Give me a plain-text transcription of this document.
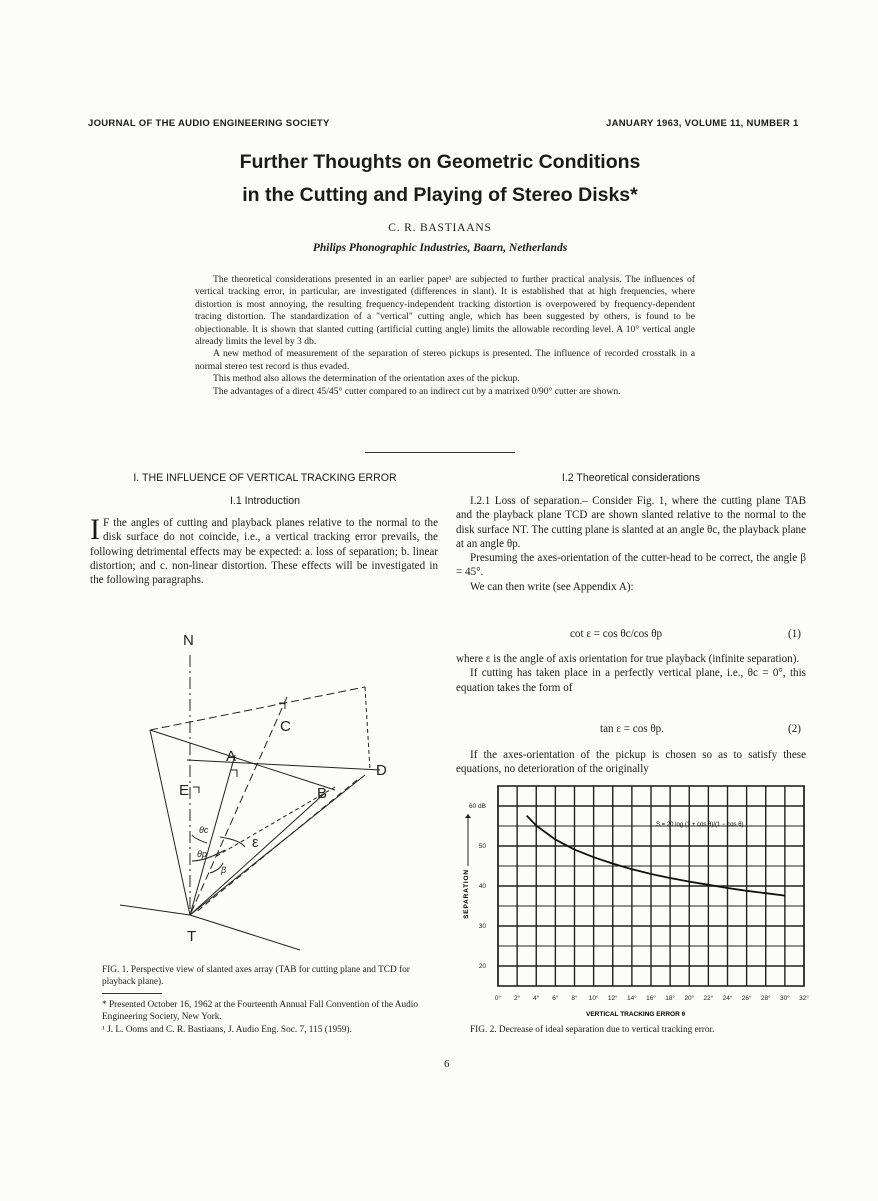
JOURNAL OF THE AUDIO ENGINEERING SOCIETY	JANUARY 1963, VOLUME 11, NUMBER 1
Further Thoughts on Geometric Conditions
in the Cutting and Playing of Stereo Disks*
C. R. BASTIAANS
Philips Phonographic Industries, Baarn, Netherlands

The theoretical considerations presented in an earlier paper¹ are subjected to further practical analysis. The influences of vertical tracking error, in particular, are investigated (differences in slant). It is established that at high frequencies, where distortion is most annoying, the resulting frequency-independent tracking distortion is overpowered by frequency-dependent tracing distortion. The standardization of a "vertical" cutting angle, which has been suggested by others, is found to be objectionable. It is shown that slanted cutting (artificial cutting angle) limits the allowable recording level. A 10° vertical angle already limits the level by 3 db.

A new method of measurement of the separation of stereo pickups is presented. The influence of recorded crosstalk in a normal stereo test record is thus evaded.

This method also allows the determination of the orientation axes of the pickup.

The advantages of a direct 45/45° cutter compared to an indirect cut by a matrixed 0/90° cutter are shown.

I. THE INFLUENCE OF VERTICAL TRACKING ERROR
I.1 Introduction
I F the angles of cutting and playback planes relative to the normal to the disk surface do not coincide, i.e., a vertical tracking error prevails, the following detrimental effects may be expected: a. loss of separation; b. linear distortion; and c. non-linear distortion. These effects will be investigated in the following paragraphs.
N
C
A
D
E	B
T
ε
β
θc
θp
FIG. 1. Perspective view of slanted axes array (TAB for cutting plane and TCD for playback plane).
* Presented October 16, 1962 at the Fourteenth Annual Fall Convention of the Audio Engineering Society, New York.
¹ J. L. Ooms and C. R. Bastiaans, J. Audio Eng. Soc. 7, 115 (1959).
I.2 Theoretical considerations

I.2.1 Loss of separation.– Consider Fig. 1, where the cutting plane TAB and the playback plane TCD are shown slanted relative to the normal to the disk surface NT. The cutting plane is slanted at an angle θc, the playback plane at an angle θp.

Presuming the axes-orientation of the cutter-head to be correct, the angle β = 45°.

We can then write (see Appendix A):

cot ε = cos θc/cos θp	(1)

where ε is the angle of axis orientation for true playback (infinite separation).

If cutting has taken place in a perfectly vertical plane, i.e., θc = 0°, this equation takes the form of

tan ε = cos θp.	(2)

If the axes-orientation of the pickup is chosen so as to satisfy these equations, no deterioration of the originally

0° 2° 4° 6° 8° 10° 12° 14° 16° 18° 20° 22° 24° 26° 28° 30° 32°
20
30
40
50
60 dB
SEPARATION
VERTICAL TRACKING ERROR θ
S = 20 log (1 + cos θ)/(1 − cos θ)
FIG. 2. Decrease of ideal separation due to vertical tracking error.
6
